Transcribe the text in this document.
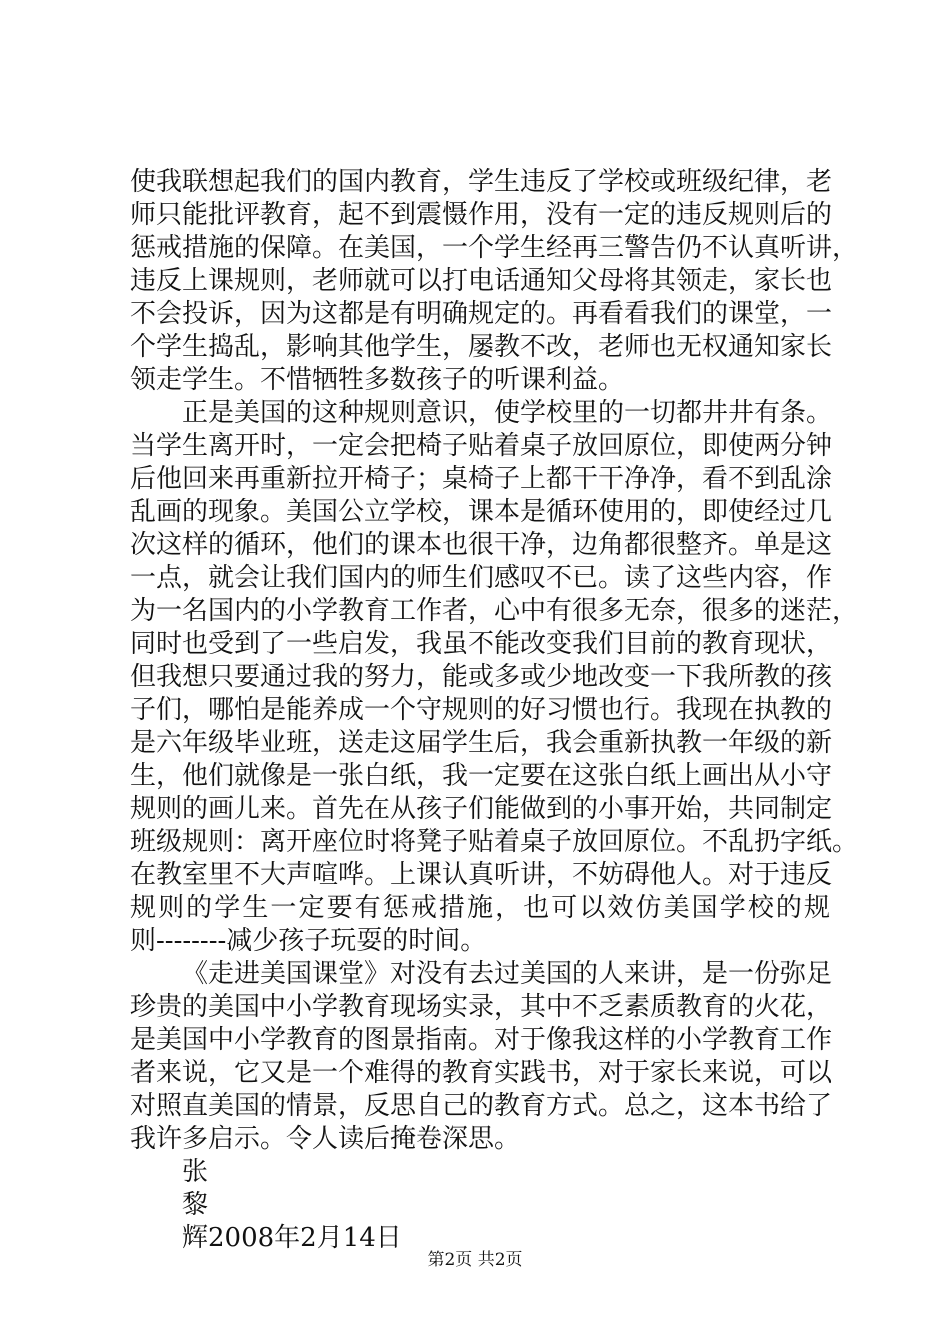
使我联想起我们的国内教育，学生违反了学校或班级纪律，老
师只能批评教育，起不到震慑作用，没有一定的违反规则后的
惩戒措施的保障。在美国，一个学生经再三警告仍不认真听讲，
违反上课规则，老师就可以打电话通知父母将其领走，家长也
不会投诉，因为这都是有明确规定的。再看看我们的课堂，一
个学生捣乱，影响其他学生，屡教不改，老师也无权通知家长
领走学生。不惜牺牲多数孩子的听课利益。
正是美国的这种规则意识，使学校里的一切都井井有条。
当学生离开时，一定会把椅子贴着桌子放回原位，即使两分钟
后他回来再重新拉开椅子；桌椅子上都干干净净，看不到乱涂
乱画的现象。美国公立学校，课本是循环使用的，即使经过几
次这样的循环，他们的课本也很干净，边角都很整齐。单是这
一点，就会让我们国内的师生们感叹不已。读了这些内容，作
为一名国内的小学教育工作者，心中有很多无奈，很多的迷茫，
同时也受到了一些启发，我虽不能改变我们目前的教育现状，
但我想只要通过我的努力，能或多或少地改变一下我所教的孩
子们，哪怕是能养成一个守规则的好习惯也行。我现在执教的
是六年级毕业班，送走这届学生后，我会重新执教一年级的新
生，他们就像是一张白纸，我一定要在这张白纸上画出从小守
规则的画儿来。首先在从孩子们能做到的小事开始，共同制定
班级规则：离开座位时将凳子贴着桌子放回原位。不乱扔字纸。
在教室里不大声喧哗。上课认真听讲，不妨碍他人。对于违反
规则的学生一定要有惩戒措施，也可以效仿美国学校的规
则--------减少孩子玩耍的时间。
《走进美国课堂》对没有去过美国的人来讲，是一份弥足
珍贵的美国中小学教育现场实录，其中不乏素质教育的火花，
是美国中小学教育的图景指南。对于像我这样的小学教育工作
者来说，它又是一个难得的教育实践书，对于家长来说，可以
对照直美国的情景，反思自己的教育方式。总之，这本书给了
我许多启示。令人读后掩卷深思。
张
黎
辉2008年2月14日
第2页 共2页
